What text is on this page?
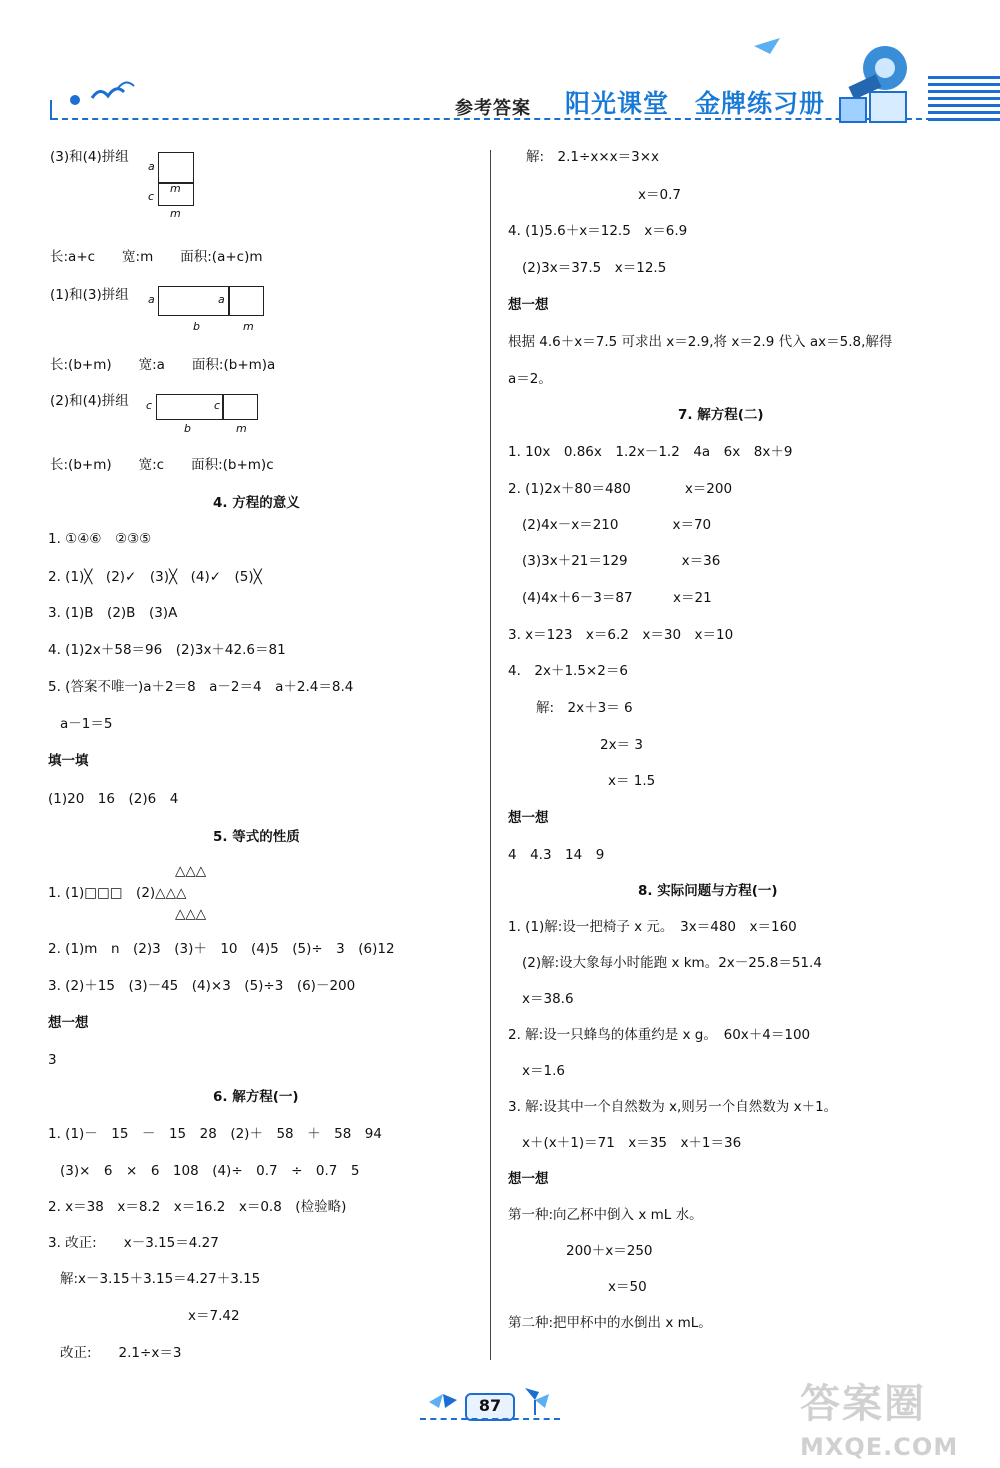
参考答案 阳光课堂　金牌练习册
(3)和(4)拼组
a
c
m
m
长:a+c　　宽:m　　面积:(a+c)m
(1)和(3)拼组 a	a
b	m
长:(b+m)　　宽:a　　面积:(b+m)a
(2)和(4)拼组 c	c
b	m
长:(b+m)　　宽:c　　面积:(b+m)c
4. 方程的意义
1. ①④⑥　②③⑤
2. (1)╳　(2)✓　(3)╳　(4)✓　(5)╳
3. (1)B　(2)B　(3)A
4. (1)2x＋58＝96　(2)3x＋42.6＝81
5. (答案不唯一)a＋2＝8　a－2＝4　a＋2.4＝8.4
a－1＝5
填一填
(1)20　16　(2)6　4
5. 等式的性质
△△△
1. (1)□□□　(2)△△△
△△△
2. (1)m　n　(2)3　(3)＋　10　(4)5　(5)÷　3　(6)12
3. (2)＋15　(3)－45　(4)×3　(5)÷3　(6)－200
想一想
3
6. 解方程(一)
1. (1)－　15　－　15　28　(2)＋　58　＋　58　94
(3)×　6　×　6　108　(4)÷　0.7　÷　0.7　5
2. x＝38　x＝8.2　x＝16.2　x＝0.8　(检验略)
3. 改正:　　x－3.15＝4.27
解:x－3.15＋3.15＝4.27＋3.15
x＝7.42
改正:　　2.1÷x＝3
解:　2.1÷x×x＝3×x
x＝0.7
4. (1)5.6＋x＝12.5　x＝6.9
(2)3x＝37.5　x＝12.5
想一想
根据 4.6＋x＝7.5 可求出 x＝2.9,将 x＝2.9 代入 ax＝5.8,解得
a＝2。
7. 解方程(二)
1. 10x　0.86x　1.2x－1.2　4a　6x　8x＋9
2. (1)2x＋80＝480　　　　x＝200
(2)4x－x＝210　　　　x＝70
(3)3x＋21＝129　　　　x＝36
(4)4x＋6－3＝87　　　x＝21
3. x＝123　x＝6.2　x＝30　x＝10
4.　2x＋1.5×2＝6
解:　2x＋3＝ 6
2x＝ 3
x＝ 1.5
想一想
4　4.3　14　9
8. 实际问题与方程(一)
1. (1)解:设一把椅子 x 元。　3x＝480　x＝160
(2)解:设大象每小时能跑 x km。2x－25.8＝51.4
x＝38.6
2. 解:设一只蜂鸟的体重约是 x g。　60x＋4＝100
x＝1.6
3. 解:设其中一个自然数为 x,则另一个自然数为 x＋1。
x＋(x＋1)＝71　x＝35　x＋1＝36
想一想
第一种:向乙杯中倒入 x mL 水。
200＋x＝250
x＝50
第二种:把甲杯中的水倒出 x mL。
87	答案圈
MXQE.COM
